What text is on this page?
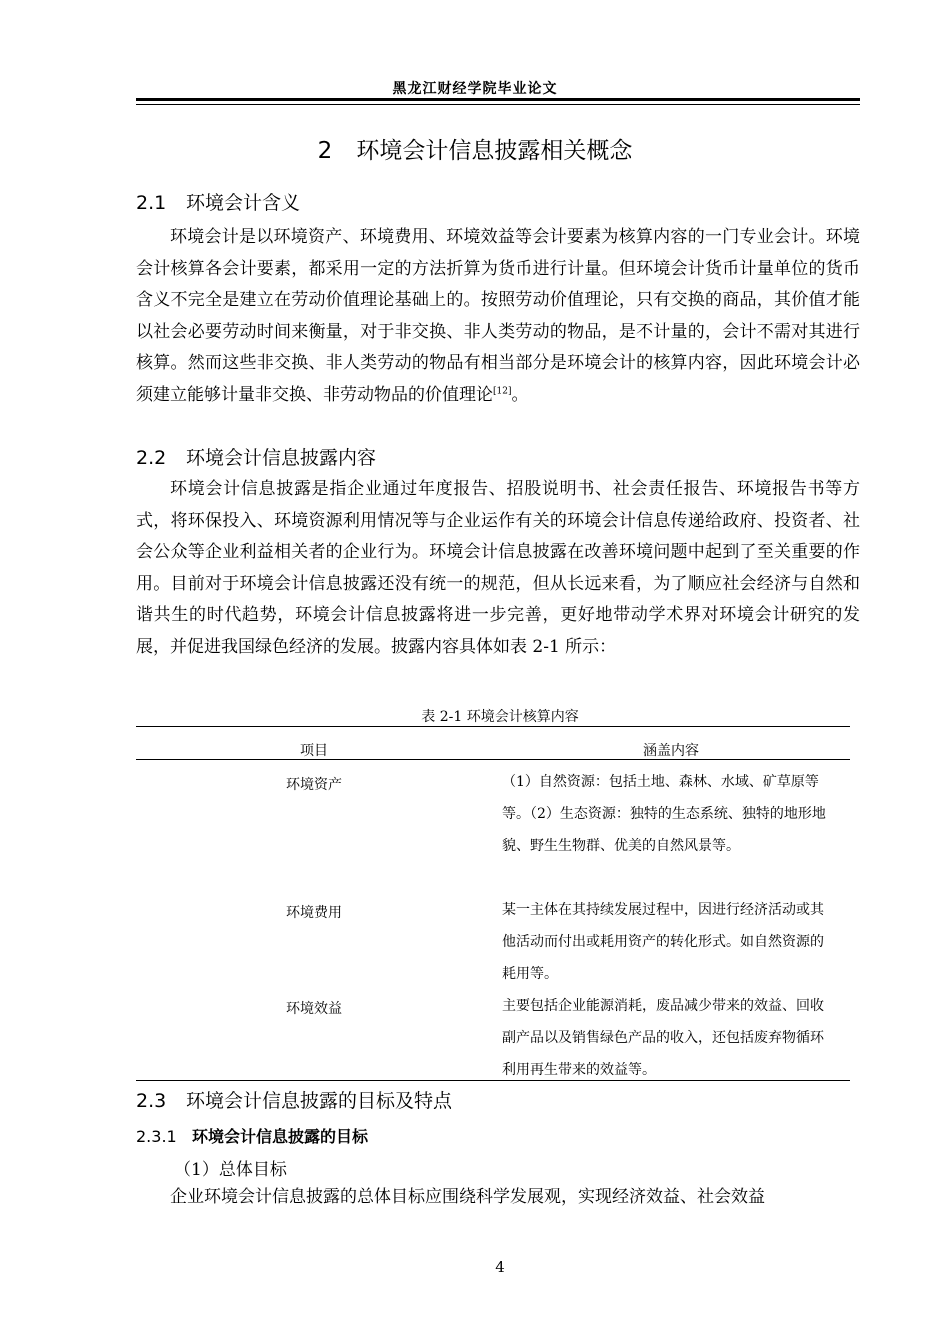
黑龙江财经学院毕业论文
2 环境会计信息披露相关概念
2.1 环境会计含义

环境会计是以环境资产、环境费用、环境效益等会计要素为核算内容的一门专业会计。环境会计核算各会计要素，都采用一定的方法折算为货币进行计量。但环境会计货币计量单位的货币含义不完全是建立在劳动价值理论基础上的。按照劳动价值理论，只有交换的商品，其价值才能以社会必要劳动时间来衡量，对于非交换、非人类劳动的物品，是不计量的，会计不需对其进行核算。然而这些非交换、非人类劳动的物品有相当部分是环境会计的核算内容，因此环境会计必须建立能够计量非交换、非劳动物品的价值理论[12]。

2.2 环境会计信息披露内容

环境会计信息披露是指企业通过年度报告、招股说明书、社会责任报告、环境报告书等方式，将环保投入、环境资源利用情况等与企业运作有关的环境会计信息传递给政府、投资者、社会公众等企业利益相关者的企业行为。环境会计信息披露在改善环境问题中起到了至关重要的作用。目前对于环境会计信息披露还没有统一的规范，但从长远来看，为了顺应社会经济与自然和谐共生的时代趋势，环境会计信息披露将进一步完善，更好地带动学术界对环境会计研究的发展，并促进我国绿色经济的发展。披露内容具体如表 2-1 所示：

表 2-1 环境会计核算内容
项目	涵盖内容
环境资产	（1）自然资源：包括土地、森林、水域、矿草原等等。（2）生态资源：独特的生态系统、独特的地形地貌、野生生物群、优美的自然风景等。

环境费用	某一主体在其持续发展过程中，因进行经济活动或其他活动而付出或耗用资产的转化形式。如自然资源的耗用等。

环境效益	主要包括企业能源消耗，废品减少带来的效益、回收副产品以及销售绿色产品的收入，还包括废弃物循环利用再生带来的效益等。

2.3 环境会计信息披露的目标及特点
2.3.1 环境会计信息披露的目标
（1）总体目标

企业环境会计信息披露的总体目标应围绕科学发展观，实现经济效益、社会效益

4
